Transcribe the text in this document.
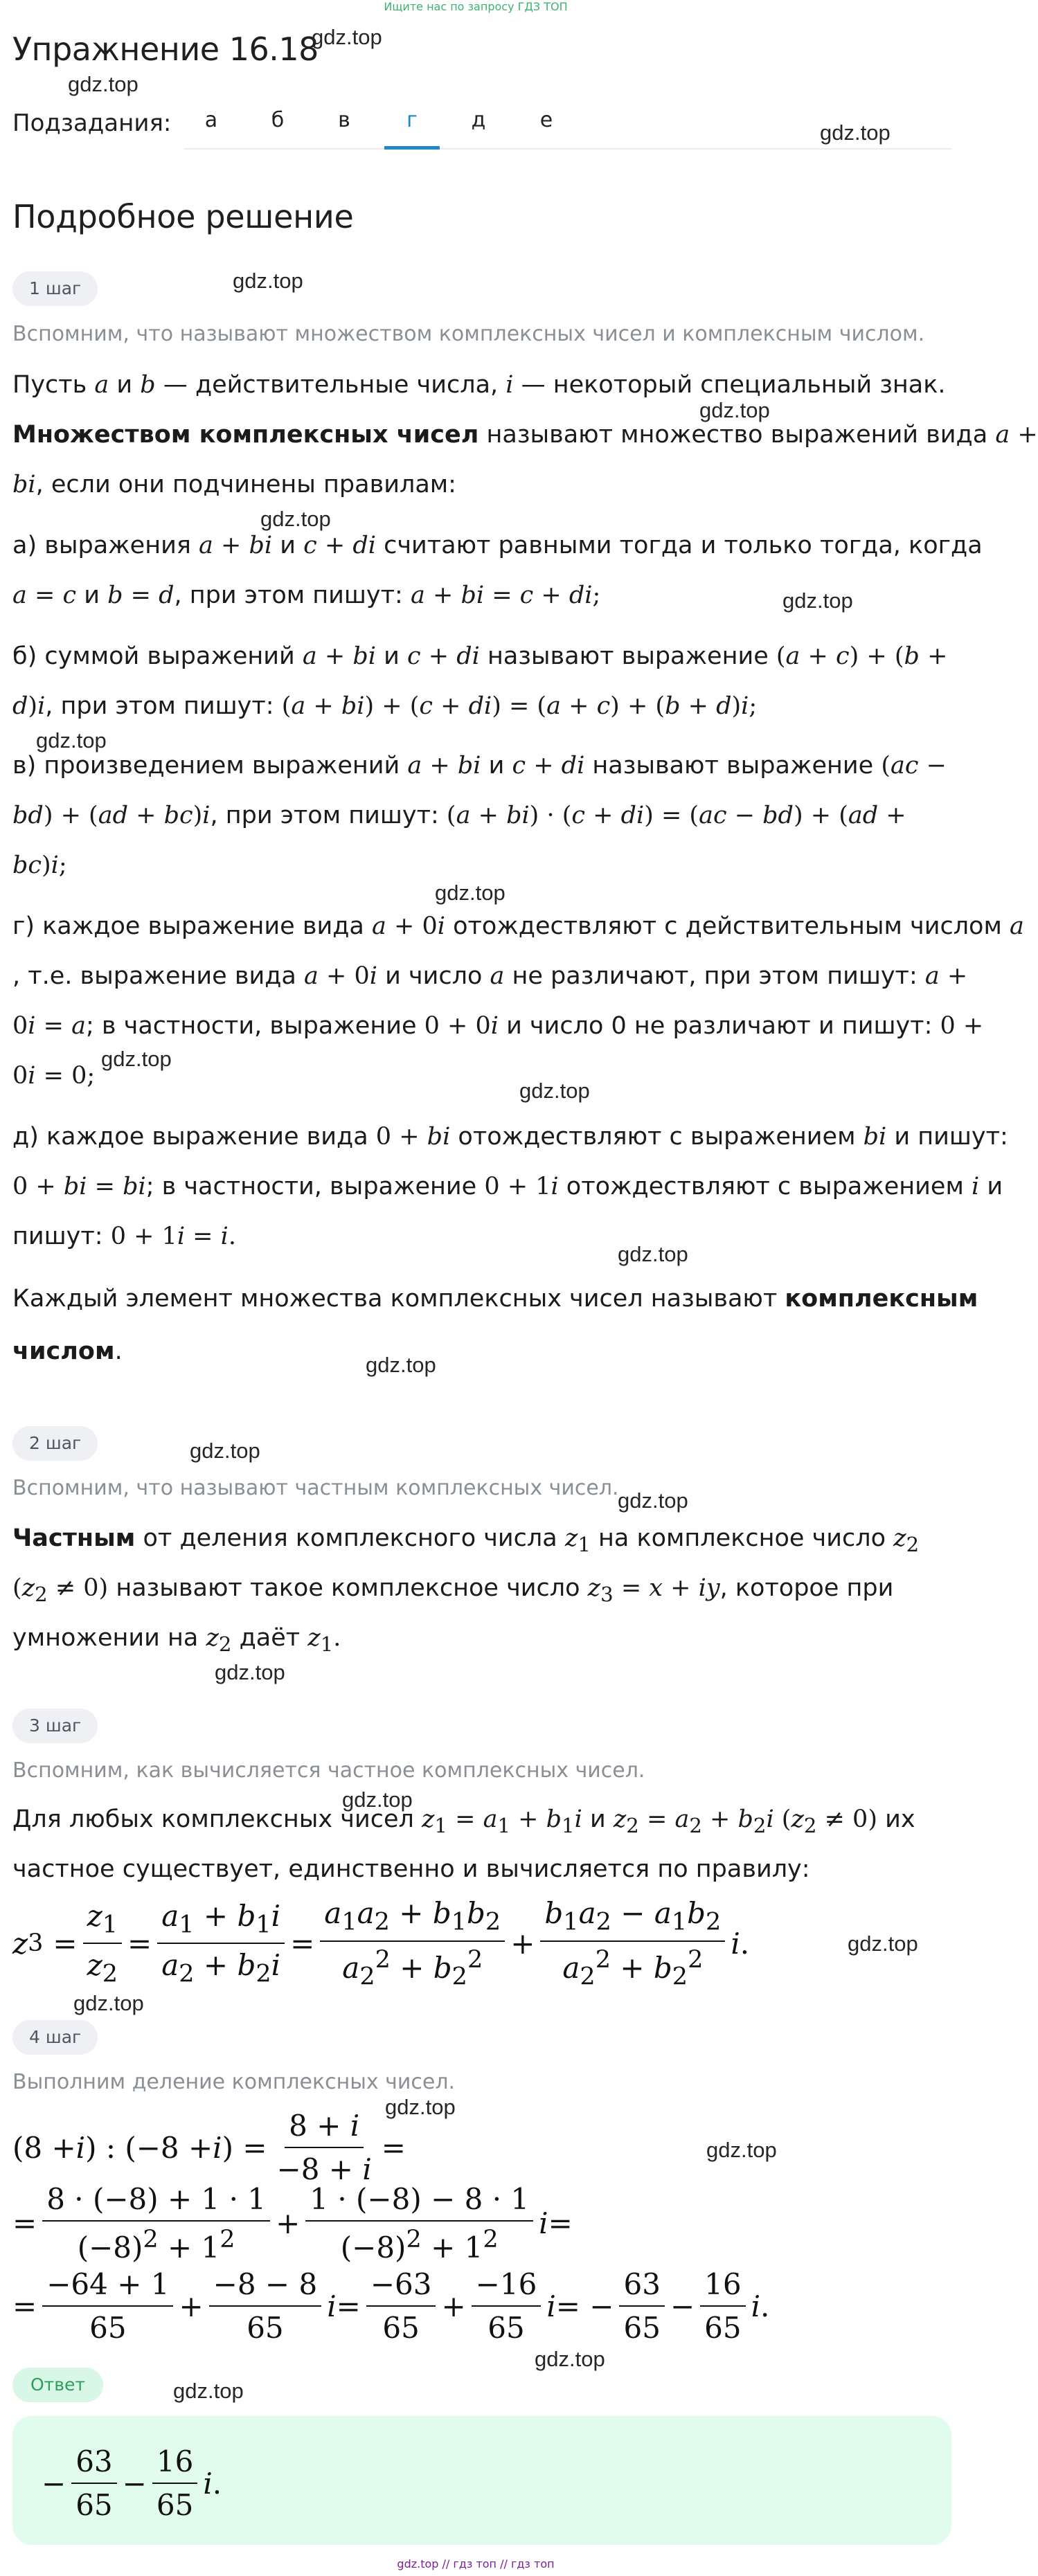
Ищите нас по запросу ГДЗ ТОП
Упражнение 16.18
gdz.top
gdz.top
gdz.top
gdz.top
gdz.top
gdz.top
gdz.top
gdz.top
gdz.top
gdz.top
gdz.top
gdz.top
gdz.top
gdz.top
gdz.top
gdz.top
gdz.top
gdz.top
gdz.top
gdz.top
gdz.top
gdz.top
gdz.top
Подзадания:	а	б	в	г	д	е
Подробное решение
1 шаг
Вспомним, что называют множеством комплексных чисел и комплексным числом.
Пусть a и b — действительные числа, i — некоторый специальный знак.
Множеством комплексных чисел называют множество выражений вида a +
bi, если они подчинены правилам:
а) выражения a + bi и c + di считают равными тогда и только тогда, когда
a = c и b = d, при этом пишут: a + bi = c + di;
б) суммой выражений a + bi и c + di называют выражение (a + c) + (b +
d)i, при этом пишут: (a + bi) + (c + di) = (a + c) + (b + d)i;
в) произведением выражений a + bi и c + di называют выражение (ac −
bd) + (ad + bc)i, при этом пишут: (a + bi) · (c + di) = (ac − bd) + (ad +
bc)i;
г) каждое выражение вида a + 0i отождествляют с действительным числом a
, т.е. выражение вида a + 0i и число a не различают, при этом пишут: a +
0i = a; в частности, выражение 0 + 0i и число 0 не различают и пишут: 0 +
0i = 0;
д) каждое выражение вида 0 + bi отождествляют с выражением bi и пишут:
0 + bi = bi; в частности, выражение 0 + 1i отождествляют с выражением i и
пишут: 0 + 1i = i.
Каждый элемент множества комплексных чисел называют комплексным
числом.
2 шаг
Вспомним, что называют частным комплексных чисел.
Частным от деления комплексного числа $z_1$ на комплексное число $z_2$
$(z_2 \ne 0)$ называют такое комплексное число $z_3 = x$ + iy, которое при
умножении на $z_2$ даёт $z_1$.
3 шаг
Вспомним, как вычисляется частное комплексных чисел.
Для любых комплексных чисел $z_1 = a_1 + b_1i$ и $z_2 = a_2 + b_2i$ $(z_2 \ne 0)$ их
частное существует, единственно и вычисляется по правилу:
z $3 = \frac{z_1}{z_2} = \frac{a_1 + b_1i}{a_2 + b_2i} = \frac{a_1a_2 + b_1b_2}{a_2^2 + b_2^2} + \frac{b_1a_2 - a_1b_2}{a_2^2 + b_2^2}$ i .
4 шаг
Выполним деление комплексных чисел.
(8 + i ) : (−8 + i ) = $\frac{8 + i}{-8 + i}$ =
= $\frac{8 \cdot (-8) + 1 \cdot 1}{(-8)^2 + 1^2} + \frac{1 \cdot (-8) - 8 \cdot 1}{(-8)^2 + 1^2}$ i =
= $\frac{-64 + 1}{65} + \frac{-8 - 8}{65}$ $i = \frac{-63}{65} + \frac{-16}{65}$ i = − $\frac{63}{65} - \frac{16}{65}$ i .
Ответ
− $\frac{63}{65} - \frac{16}{65}$ i .
gdz.top // гдз топ // гдз топ
